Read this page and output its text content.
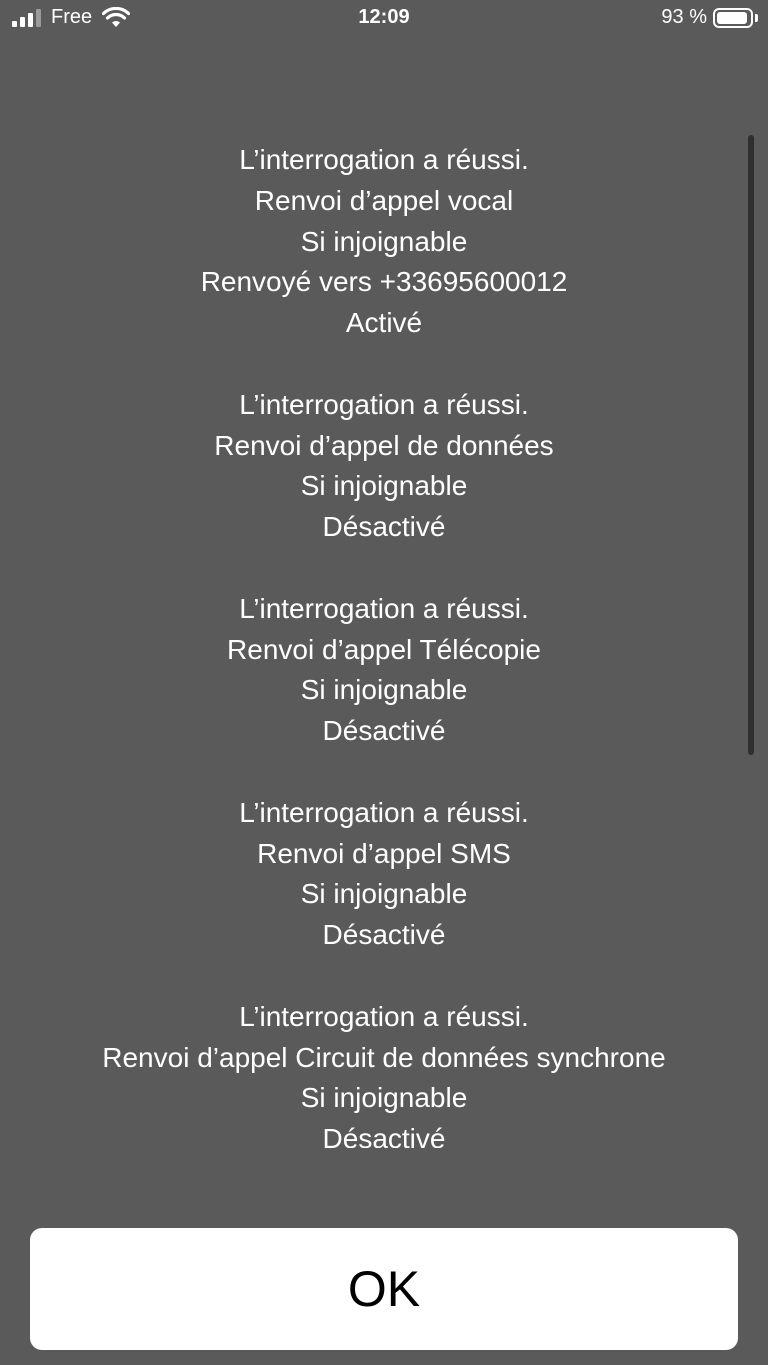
Free	12:09	93 %

L’interrogation a réussi.
Renvoi d’appel vocal
Si injoignable
Renvoyé vers +33695600012
Activé

L’interrogation a réussi.
Renvoi d’appel de données
Si injoignable
Désactivé

L’interrogation a réussi.
Renvoi d’appel Télécopie
Si injoignable
Désactivé

L’interrogation a réussi.
Renvoi d’appel SMS
Si injoignable
Désactivé

L’interrogation a réussi.
Renvoi d’appel Circuit de données synchrone
Si injoignable
Désactivé

OK
